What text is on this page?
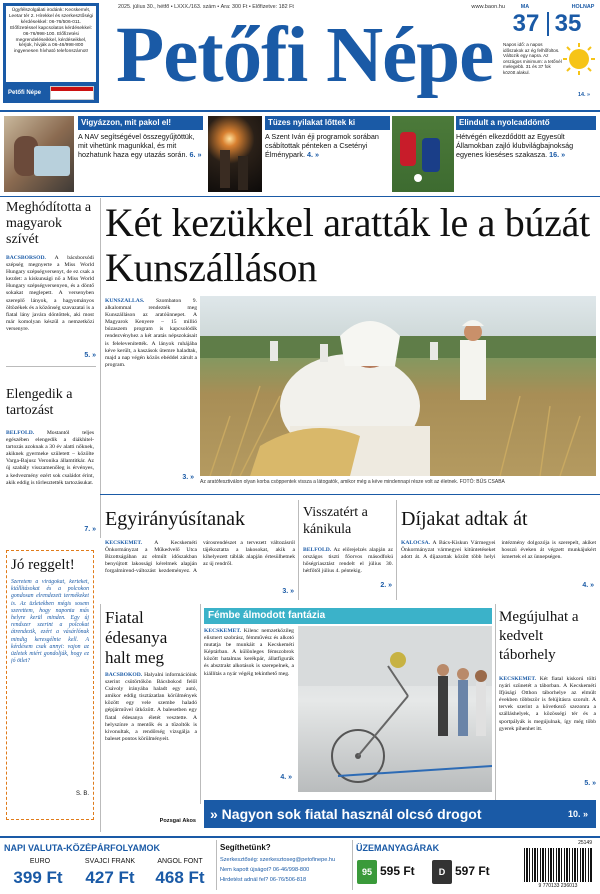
Ügyfélszolgálati irodánk: Kecskemét, Leetar tér 2. Hírekkel és szerkesztőségi kérdésekkel: 06-76/506-011. Előfizetéssel kapcsolatos kérdésekkel: 06-76/998-100. Előfizetési megrendeléseikkel, kérdéseikkel, kérjük, hívják a 06-46/998-800 ingyenesen hívható telefonszámot!
Petőfi Népe
2025. július 30., hétfő • LXXX./163. szám • Ára: 300 Ft • Előfizetve: 182 Ft	www.baon.hu
Petőfi Népe
MA	HOLNAP
37 35
Napos idő: a napos időszakok az ég felhőfoltos. Változik egy napra. Az országos minimum: a tetőnél melegebb. 31 és 37 fok között alakul.
14. »
Vigyázzon, mit pakol el!
A NAV segítségével összegyűjtöttük, mit vihetünk magunkkal, és mit hozhatunk haza egy utazás során. 6. »
Tüzes nyilakat lőttek ki
A Szent Iván éji programok sorában csábítottak pénteken a Csetényi Élménypark. 4. »
Elindult a nyolcaddöntő
Hétvégén elkezdődött az Egyesült Államokban zajló klubvilágbajnokság egyenes kieséses szakasza. 16. »
Meghódította a magyarok szívét
BÁCSBORSÓD. A bácsborsódi szépség megnyerte a Miss World Hungary szépségversenyt, de ez csak a kezdet: a kiskunsági nő a Miss World Hungary szépségversenyen, és a döntő sokakat meglepett. A versenyben szereplő lányok, a hagyományos öltözékek és a közönség szavazatai is a fiatal lány javára döntöttek, aki most már komolyan készül a nemzetközi versenyre.
5. »
Elengedik a tartozást
BELFÖLD. Mostantól teljes egészében elengedik a diákhitel-tartozás azoknak a 30 év alatti nőknek, akiknek gyermeke született – közölte Varga-Bajusz Veronika államtitkár. Az új szabály visszamenőleg is érvényes, a kedvezmény ezért sok családot érint, akik eddig is törlesztették tartozásukat.
7. »
Két kezükkel aratták le a búzát Kunszálláson
KUNSZÁLLÁS. Szombaton 9. alkalommal rendezték meg Kunszálláson az aratóünnepet. A Magyarok Kenyere – 15 millió búzaszem program is kapcsolódik rendezvényhez a két aratás népszokásait is felelevenítették. A lányok ruhájába kéve került, a kaszások ütemre haladtak, majd a nap végén közös ebéddel zárult a program.
3. »
Az aratófesztiválon olyan korba csöppentek vissza a látogatók, amikor még a kéve mindennapi része volt az életnek. FOTÓ: BŰS CSABA
Egyirányúsítanak
KECSKEMÉT. A Kecskeméti Önkormányzat a Műkedvelő Utca Bizottságában az elmúlt időszakban benyújtott lakossági kérelmek alapján forgalmirend-változást kezdeményez. A városrendészet a tervezett változásról tájékoztatta a lakosokat, akik a kihelyezett táblák alapján értesülhetnek az új rendről.
3. »
Visszatért a kánikula
BELFÖLD. Az előrejelzés alapján az országos tiszti főorvos másodfokú hőségriasztást rendelt el július 30. hétfőtől július 4. péntekig.
2. »
Díjakat adtak át
KALOCSA. A Bács-Kiskun Vármegyei Önkormányzat vármegyei kitüntetéseket adott át. A díjazottak között több helyi intézmény dolgozója is szerepelt, akiket hosszú éveken át végzett munkájukért ismertek el az ünnepségen.
4. »
Jó reggelt!
Szeretem a virágokat, kerteket, kiállításokat és a polcokon gondosan elrendezett termékeket is. Az üzletekben mégis sosem szerettem, hogy naponta más helyre kerül minden. Egy új rendszer szerint a polcokat átrendezik, ezért a vásárlónak mindig keresgélnie kell. A kérdésem csak annyi: vajon az üzletek miért gondolják, hogy ez jó ötlet?
S. B.
Fiatal édesanya halt meg
BÁCSBOKOD. Halyalni információink szerint csütörtökön Bácsbokod felől Csávoly irányába haladt egy autó, amikor eddig tisztázatlan körülmények között egy vele szembe haladó gépjárművel ütközött. A balesetben egy fiatal édesanya életét vesztette. A helyszínre a mentők és a tűzoltók is kivonultak, a rendőrség vizsgálja a baleset pontos körülményeit.
Pozsgai Ákos
Fémbe álmodott fantázia
KECSKEMÉT. Kilenc nemzetközileg elismert szobrász, fémművész és alkotó mutatja be munkáit a Kecskeméti Képtárban. A különleges fémszobrok között hatalmas kerékpár, állatfigurák és absztrakt alkotások is szerepelnek, a kiállítás a nyár végéig tekinthető meg.
4. »
Megújulhat a kedvelt táborhely
KECSKEMÉT. Két fiatal kiskorú tölti nyári szünetét a táborban. A Kecskeméti Ifjúsági Otthon táborhelye az elmúlt években többször is felújításra szorult. A tervek szerint a következő szezonra a szálláshelyek, a közösségi tér és a sportpályák is megújulnak, így még több gyerek pihenhet itt.
5. »
» Nagyon sok fiatal használ olcsó drogot	10. »
NAPI VALUTA-KÖZÉPÁRFOLYAMOK
EURÓ
399 Ft
SVÁJCI FRANK
427 Ft
ANGOL FONT
468 Ft
Segíthetünk?
Szerkesztőség: szerkesztoseg@petofinepe.hu
Nem kapott újságot? 06-46/998-800
Hirdetést adnál fel? 06-76/506-818
ÜZEMANYAGÁRAK
95 595 Ft	D 597 Ft
25149
9 770133 236013
